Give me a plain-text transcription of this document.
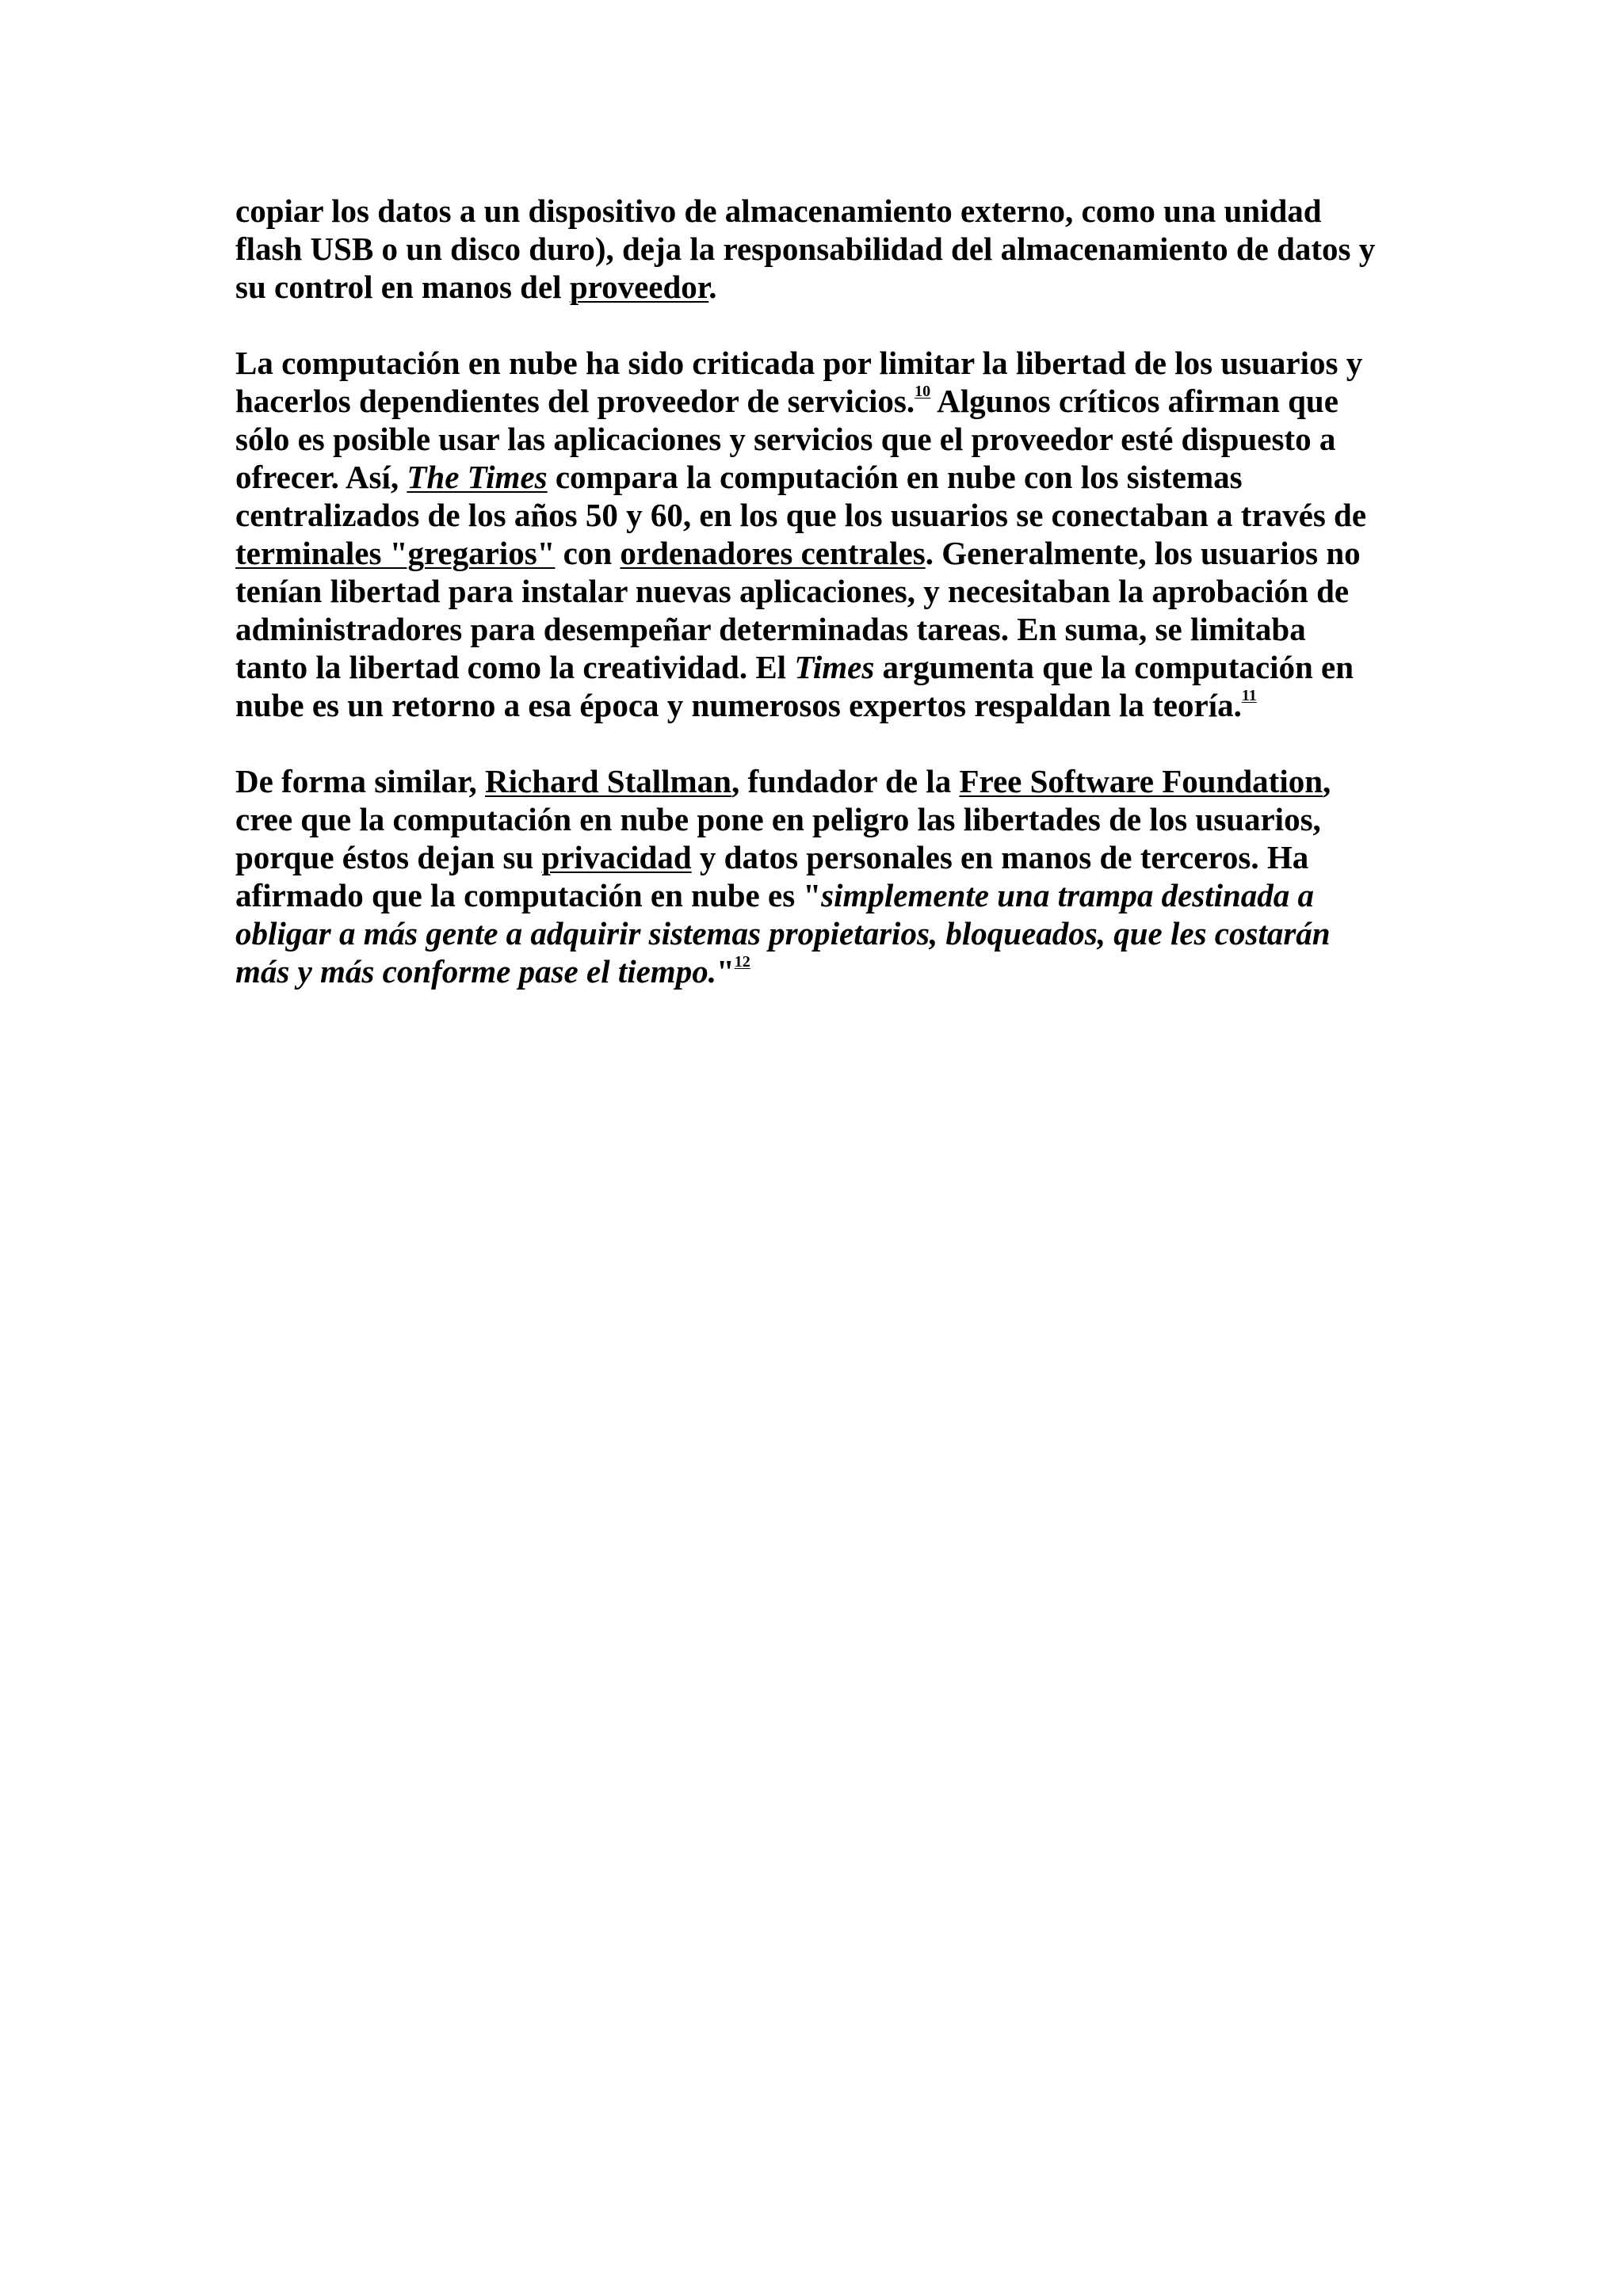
copiar los datos a un dispositivo de almacenamiento externo, como una unidad
flash USB o un disco duro), deja la responsabilidad del almacenamiento de datos y
su control en manos del proveedor.

La computación en nube ha sido criticada por limitar la libertad de los usuarios y
hacerlos dependientes del proveedor de servicios.$^{10}$ Algunos críticos afirman que
sólo es posible usar las aplicaciones y servicios que el proveedor esté dispuesto a
ofrecer. Así, The Times compara la computación en nube con los sistemas
centralizados de los años 50 y 60, en los que los usuarios se conectaban a través de
terminales "gregarios" con ordenadores centrales. Generalmente, los usuarios no
tenían libertad para instalar nuevas aplicaciones, y necesitaban la aprobación de
administradores para desempeñar determinadas tareas. En suma, se limitaba
tanto la libertad como la creatividad. El Times argumenta que la computación en
nube es un retorno a esa época y numerosos expertos respaldan la teoría.$^{11}$

De forma similar, Richard Stallman, fundador de la Free Software Foundation,
cree que la computación en nube pone en peligro las libertades de los usuarios,
porque éstos dejan su privacidad y datos personales en manos de terceros. Ha
afirmado que la computación en nube es "simplemente una trampa destinada a
obligar a más gente a adquirir sistemas propietarios, bloqueados, que les costarán
más y más conforme pase el tiempo."$^{12}$
